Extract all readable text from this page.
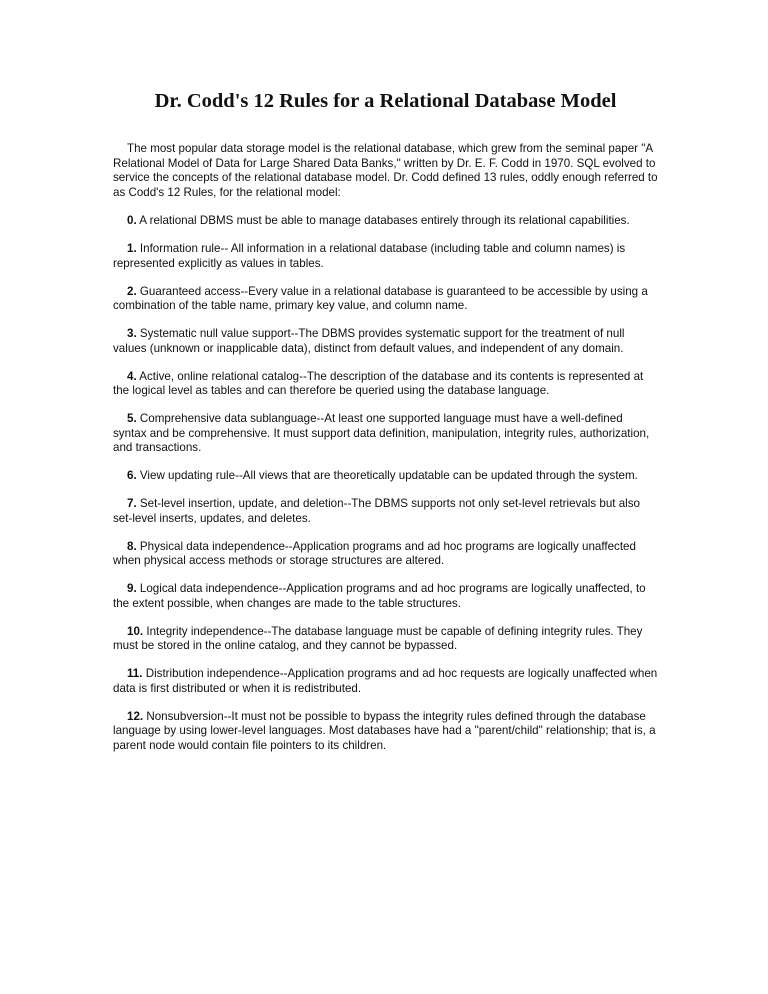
Dr. Codd's 12 Rules for a Relational Database Model

The most popular data storage model is the relational database, which grew from the seminal paper "A Relational Model of Data for Large Shared Data Banks," written by Dr. E. F. Codd in 1970. SQL evolved to service the concepts of the relational database model. Dr. Codd defined 13 rules, oddly enough referred to as Codd's 12 Rules, for the relational model:

0. A relational DBMS must be able to manage databases entirely through its relational capabilities.

1. Information rule-- All information in a relational database (including table and column names) is represented explicitly as values in tables.

2. Guaranteed access--Every value in a relational database is guaranteed to be accessible by using a combination of the table name, primary key value, and column name.

3. Systematic null value support--The DBMS provides systematic support for the treatment of null values (unknown or inapplicable data), distinct from default values, and independent of any domain.

4. Active, online relational catalog--The description of the database and its contents is represented at the logical level as tables and can therefore be queried using the database language.

5. Comprehensive data sublanguage--At least one supported language must have a well-defined syntax and be comprehensive. It must support data definition, manipulation, integrity rules, authorization, and transactions.

6. View updating rule--All views that are theoretically updatable can be updated through the system.

7. Set-level insertion, update, and deletion--The DBMS supports not only set-level retrievals but also set-level inserts, updates, and deletes.

8. Physical data independence--Application programs and ad hoc programs are logically unaffected when physical access methods or storage structures are altered.

9. Logical data independence--Application programs and ad hoc programs are logically unaffected, to the extent possible, when changes are made to the table structures.

10. Integrity independence--The database language must be capable of defining integrity rules. They must be stored in the online catalog, and they cannot be bypassed.

11. Distribution independence--Application programs and ad hoc requests are logically unaffected when data is first distributed or when it is redistributed.

12. Nonsubversion--It must not be possible to bypass the integrity rules defined through the database language by using lower-level languages. Most databases have had a "parent/child" relationship; that is, a parent node would contain file pointers to its children.
